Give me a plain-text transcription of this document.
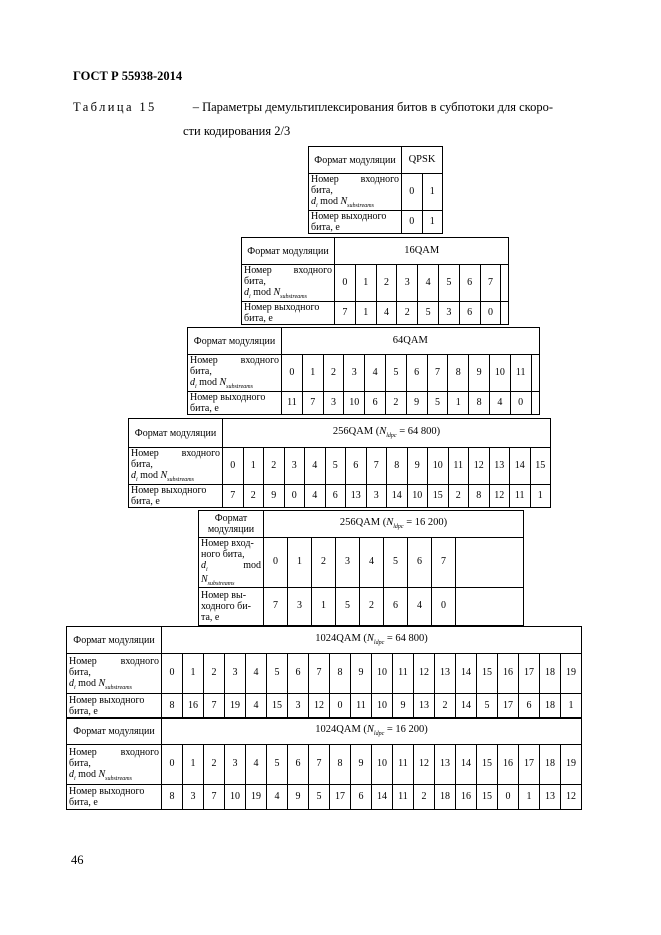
ГОСТ Р 55938-2014
Таблица 15	– Параметры демультиплексирования битов в субпотоки для скоро-
сти кодирования 2/3
Формат модуляции	QPSK	

Номер входного
бита,
$d_i$ mod $N_{substreams}$	0	1
Номер выходного бита, e	0	1
Формат модуляции	16QAM								

Номер входного
бита,
$d_i$ mod $N_{substreams}$	0	1	2	3	4	5	6	7	
Номер выходного бита, e	7	1	4	2	5	3	6	0	
Формат модуляции	64QAM												

Номер входного
бита,
$d_i$ mod $N_{substreams}$	0	1	2	3	4	5	6	7	8	9	10	11	
Номер выходного бита, e	11	7	3	10	6	2	9	5	1	8	4	0	
Формат модуляции	256QAM ($N_{ldpc} = 64$ 800)															

Номер входного
бита,
$d_i$ mod $N_{substreams}$	0	1	2	3	4	5	6	7	8	9	10	11	12	13	14	15
Номер выходного бита, e	7	2	9	0	4	6	13	3	14	10	15	2	8	12	11	1
Формат модуляции	256QAM ($N_{ldpc} = 16$ 200)								

Номер вход-
ного бита,
$d_i$ mod
$N_{substreams}$	0	1	2	3	4	5	6	7	

Номер вы-
ходного би-
та, е	7	3	1	5	2	6	4	0	
Формат модуляции	1024QAM ($N_{ldpc} = 64$ 800)																			

Номер входного
бита,
$d_i$ mod $N_{substreams}$	0	1	2	3	4	5	6	7	8	9	10	11	12	13	14	15	16	17	18	19
Номер выходного бита, e	8	16	7	19	4	15	3	12	0	11	10	9	13	2	14	5	17	6	18	1
Формат модуляции	1024QAM ($N_{ldpc} = 16$ 200)																			

Номер входного
бита,
$d_i$ mod $N_{substreams}$	0	1	2	3	4	5	6	7	8	9	10	11	12	13	14	15	16	17	18	19
Номер выходного бита, e	8	3	7	10	19	4	9	5	17	6	14	11	2	18	16	15	0	1	13	12
46
